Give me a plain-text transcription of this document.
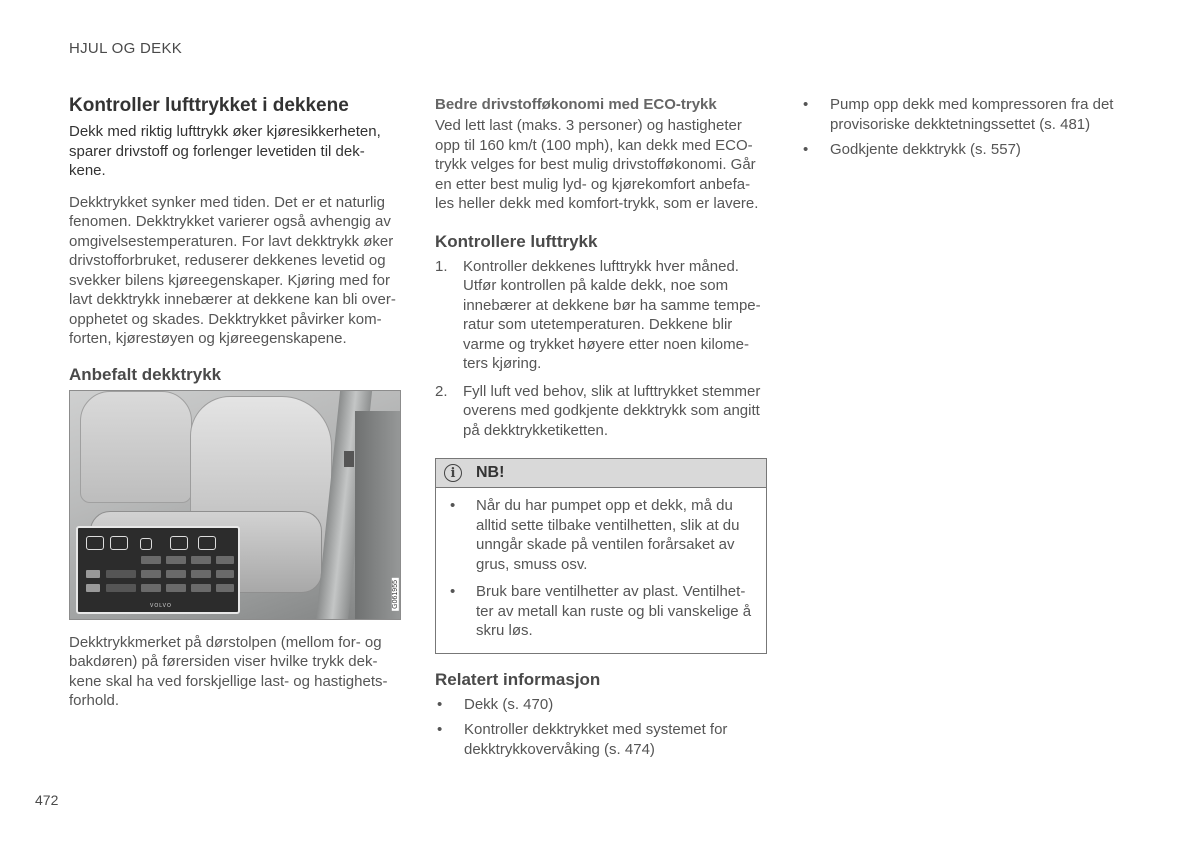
HJUL OG DEKK
Kontroller lufttrykket i dekkene

Dekk med riktig lufttrykk øker kjøresikkerheten, sparer drivstoff og forlenger levetiden til dek-kene.

Dekktrykket synker med tiden. Det er et naturlig fenomen. Dekktrykket varierer også avhengig av omgivelsestemperaturen. For lavt dekktrykk øker drivstofforbruket, reduserer dekkenes levetid og svekker bilens kjøreegenskaper. Kjøring med for lavt dekktrykk innebærer at dekkene kan bli over-opphetet og skades. Dekktrykket påvirker kom-forten, kjørestøyen og kjøreegenskapene.

Anbefalt dekktrykk
VOLVO	G061955

Dekktrykkmerket på dørstolpen (mellom for- og bakdøren) på førersiden viser hvilke trykk dek-kene skal ha ved forskjellige last- og hastighets-forhold.

Bedre drivstofføkonomi med ECO-trykk

Ved lett last (maks. 3 personer) og hastigheter opp til 160 km/t (100 mph), kan dekk med ECO-trykk velges for best mulig drivstofføkonomi. Går en etter best mulig lyd- og kjørekomfort anbefa-les heller dekk med komfort-trykk, som er lavere.

Kontrollere lufttrykk
1. Kontroller dekkenes lufttrykk hver måned. Utfør kontrollen på kalde dekk, noe som innebærer at dekkene bør ha samme tempe-ratur som utetemperaturen. Dekkene blir varme og trykket høyere etter noen kilome-ters kjøring.
2. Fyll luft ved behov, slik at lufttrykket stemmer overens med godkjente dekktrykk som angitt på dekktrykketiketten.
i	NB!
• Når du har pumpet opp et dekk, må du alltid sette tilbake ventilhetten, slik at du unngår skade på ventilen forårsaket av grus, smuss osv.
• Bruk bare ventilhetter av plast. Ventilhet-ter av metall kan ruste og bli vanskelige å skru løs.
Relatert informasjon
• Dekk (s. 470)
• Kontroller dekktrykket med systemet for dekktrykkovervåking (s. 474)
• Pump opp dekk med kompressoren fra det provisoriske dekktetningssettet (s. 481)
• Godkjente dekktrykk (s. 557)
472
